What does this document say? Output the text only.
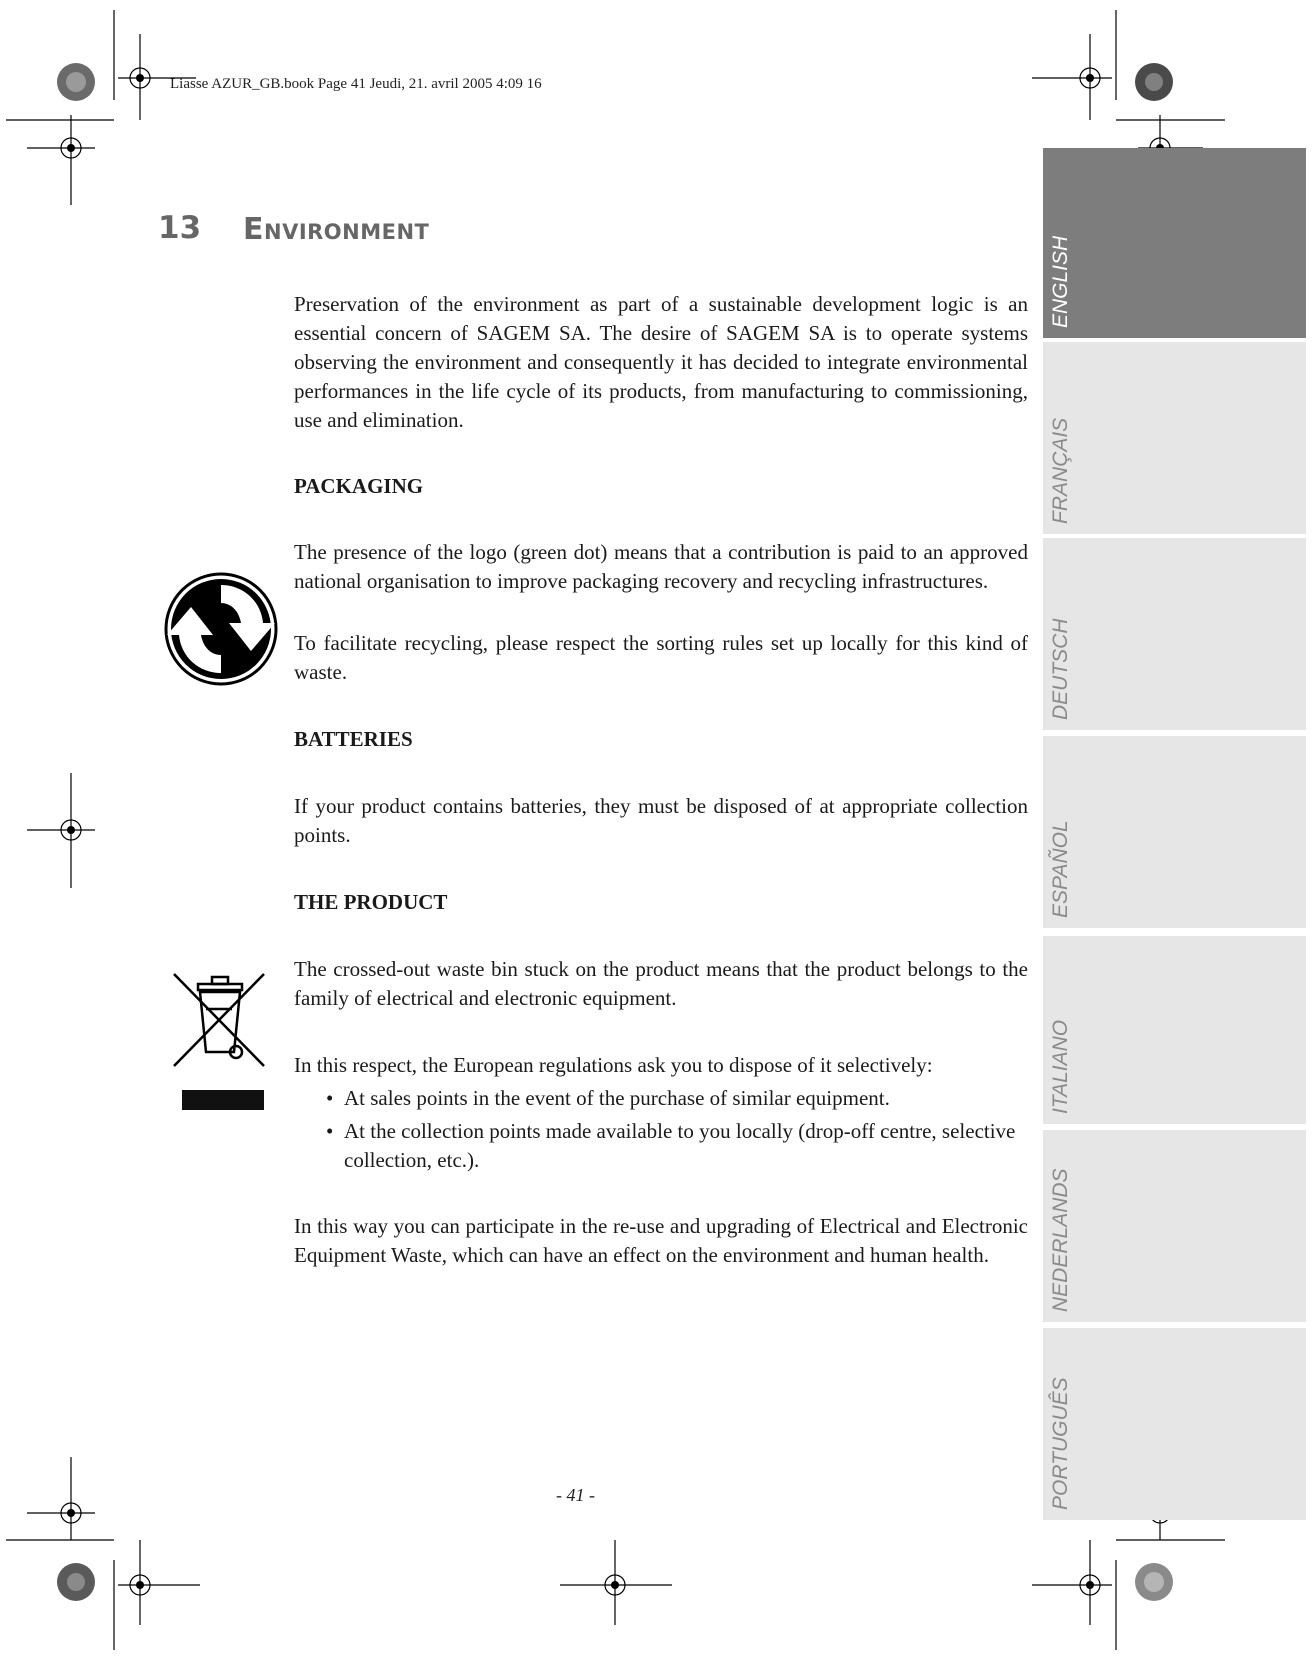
Liasse AZUR_GB.book Page 41 Jeudi, 21. avril 2005 4:09 16
13 Environment

Preservation of the environment as part of a sustainable development logic is an essential concern of SAGEM SA. The desire of SAGEM SA is to operate systems observing the environment and consequently it has decided to integrate environmental performances in the life cycle of its products, from manufacturing to commissioning, use and elimination.

PACKAGING

The presence of the logo (green dot) means that a contribution is paid to an approved national organisation to improve packaging recovery and recycling infrastructures.

To facilitate recycling, please respect the sorting rules set up locally for this kind of waste.

BATTERIES

If your product contains batteries, they must be disposed of at appropriate collection points.

THE PRODUCT

The crossed-out waste bin stuck on the product means that the product belongs to the family of electrical and electronic equipment.

In this respect, the European regulations ask you to dispose of it selectively:

• At sales points in the event of the purchase of similar equipment.
• At the collection points made available to you locally (drop-off centre, selective collection, etc.).

In this way you can participate in the re-use and upgrading of Electrical and Electronic Equipment Waste, which can have an effect on the environment and human health.

- 41 -
ENGLISH
FRANÇAIS
DEUTSCH
ESPAÑOL
ITALIANO
NEDERLANDS
PORTUGUÊS
